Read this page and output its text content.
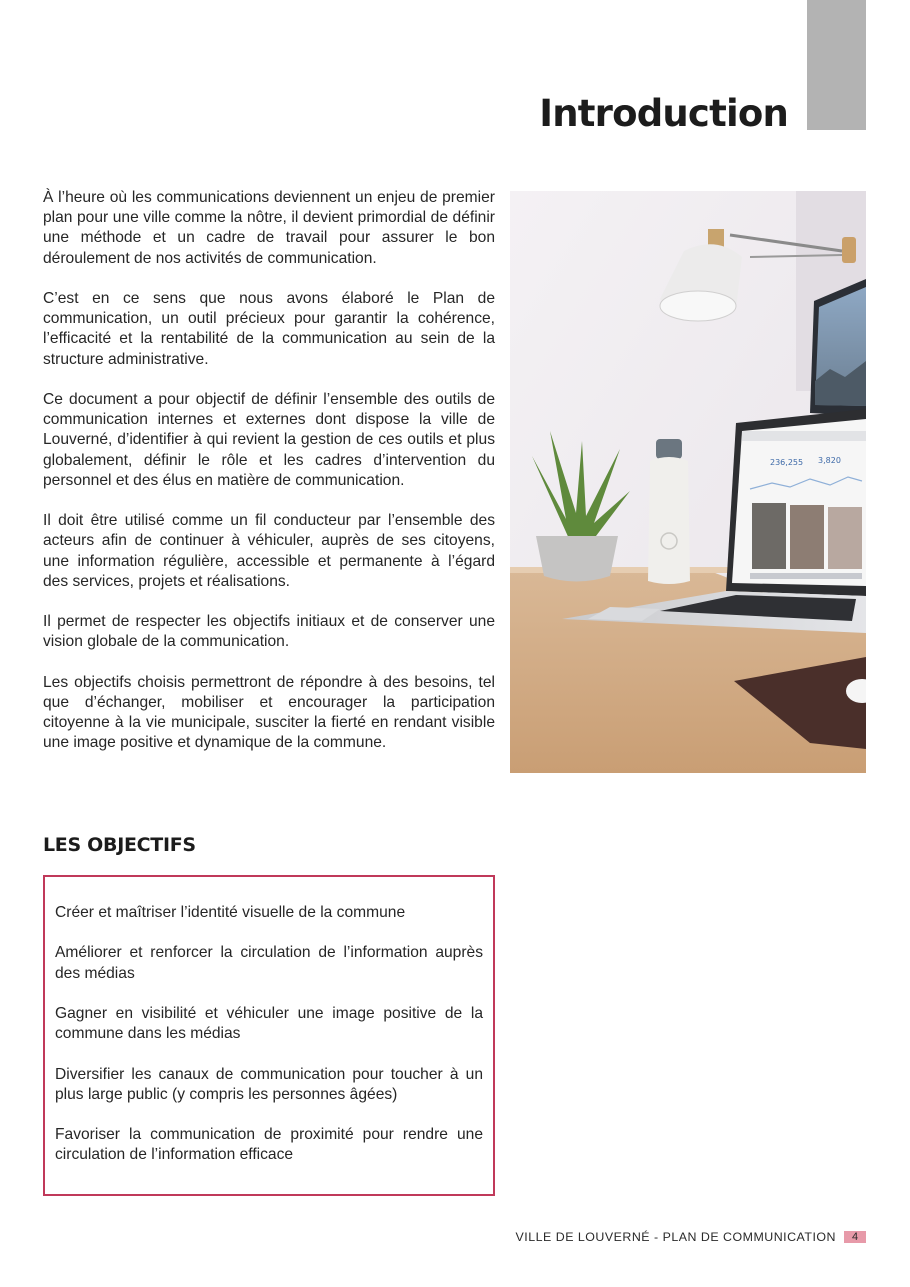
Introduction

À l’heure où les communications deviennent un enjeu de premier plan pour une ville comme la nôtre, il devient primordial de définir une méthode et un cadre de travail pour assurer le bon déroulement de nos activités de communication.

C’est en ce sens que nous avons élaboré le Plan de communication, un outil précieux pour garantir la cohérence, l’efficacité et la rentabilité de la communication au sein de la structure administrative.

Ce document a pour objectif de définir l’ensemble des outils de communication internes et externes dont dispose la ville de Louverné, d’identifier à qui revient la gestion de ces outils et plus globalement, définir le rôle et les cadres d’intervention du personnel et des élus en matière de communication.

Il doit être utilisé comme un fil conducteur par l’ensemble des acteurs afin de continuer à véhiculer, auprès de ses citoyens, une information régulière, accessible et permanente à l’égard des services, projets et réalisations.

Il permet de respecter les objectifs initiaux et de conserver une vision globale de la communication.

Les objectifs choisis permettront de répondre à des besoins, tel que d’échanger, mobiliser et encourager la participation citoyenne à la vie municipale, susciter la fierté en rendant visible une image positive et dynamique de la commune.

236,255 3,820
LES OBJECTIFS

Créer et maîtriser l’identité visuelle de la commune

Améliorer et renforcer la circulation de l’information auprès des médias

Gagner en visibilité et véhiculer une image positive de la commune dans les médias

Diversifier les canaux de communication pour toucher à un plus large public (y compris les personnes âgées)

Favoriser la communication de proximité pour rendre une circulation de l’information efficace

VILLE DE LOUVERNÉ - PLAN DE COMMUNICATION	4
